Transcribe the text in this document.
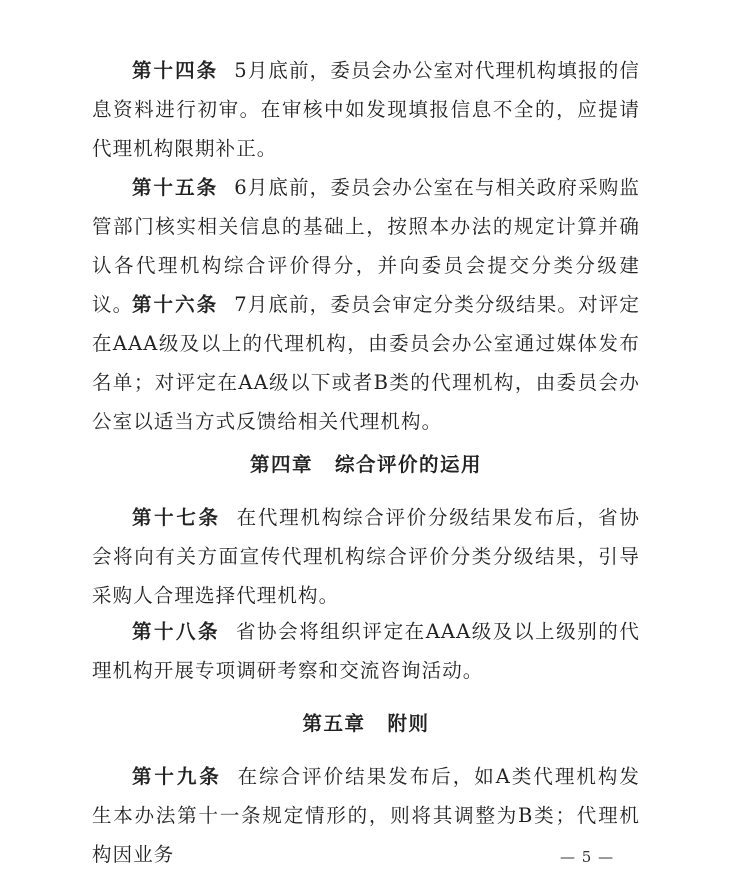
第十四条 5月底前，委员会办公室对代理机构填报的信息资料进行初审。在审核中如发现填报信息不全的，应提请代理机构限期补正。

第十五条 6月底前，委员会办公室在与相关政府采购监管部门核实相关信息的基础上，按照本办法的规定计算并确认各代理机构综合评价得分，并向委员会提交分类分级建议。

第十六条 7月底前，委员会审定分类分级结果。对评定在AAA级及以上的代理机构，由委员会办公室通过媒体发布名单；对评定在AA级以下或者B类的代理机构，由委员会办公室以适当方式反馈给相关代理机构。

第四章 综合评价的运用

第十七条 在代理机构综合评价分级结果发布后，省协会将向有关方面宣传代理机构综合评价分类分级结果，引导采购人合理选择代理机构。

第十八条 省协会将组织评定在AAA级及以上级别的代理机构开展专项调研考察和交流咨询活动。

第五章 附则

第十九条 在综合评价结果发布后，如A类代理机构发生本办法第十一条规定情形的，则将其调整为B类；代理机构因业务	— 5 —
